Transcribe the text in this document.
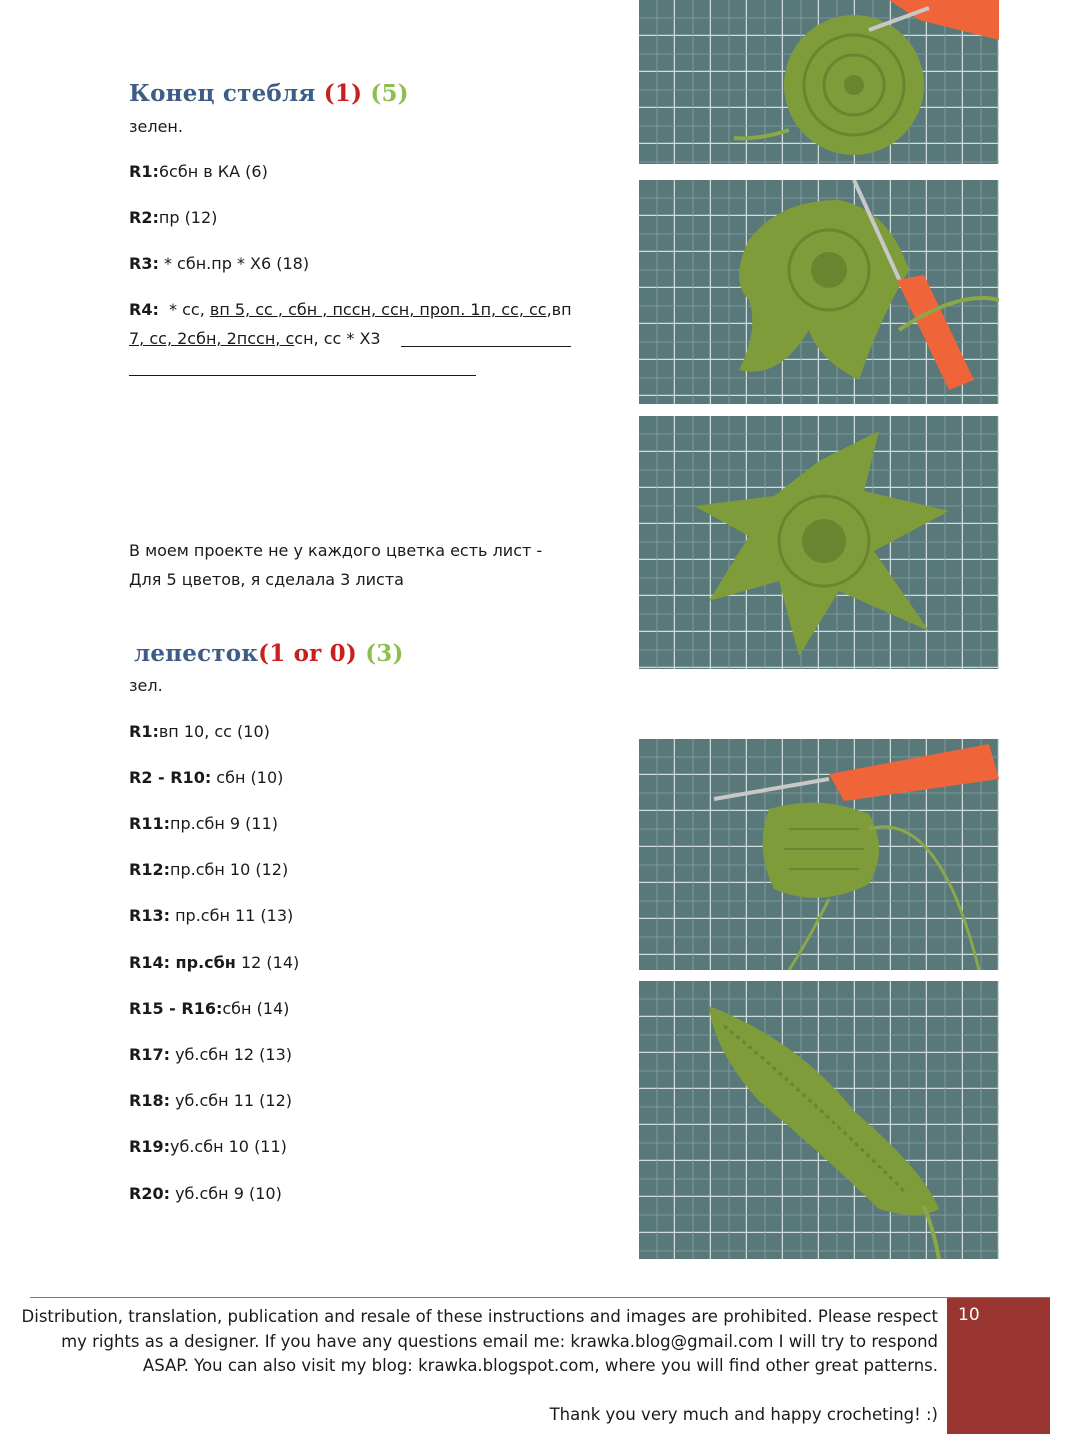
Конец стебля (1) (5)
зелен.
R1:6сбн в КА (6)
R2:пр (12)
R3: * сбн.пр * X6 (18)
R4:  * сс, вп 5, сс , сбн , пссн, ссн, проп. 1п, сс, сс,вп
7, сс, 2сбн, 2пссн, ссн, сс * X3
В моем проекте не у каждого цветка есть лист -
Для 5 цветов, я сделала 3 листа
лепесток(1 or 0) (3)
зел.
R1:вп 10, сс (10)
R2 - R10: сбн (10)
R11:пр.сбн 9 (11)
R12:пр.сбн 10 (12)
R13: пр.сбн 11 (13)
R14: пр.сбн 12 (14)
R15 - R16:сбн (14)
R17: уб.сбн 12 (13)
R18: уб.сбн 11 (12)
R19:уб.сбн 10 (11)
R20: уб.сбн 9 (10)
Distribution, translation, publication and resale of these instructions and images are prohibited. Please respect my rights as a designer. If you have any questions email me: krawka.blog@gmail.com I will try to respond ASAP. You can also visit my blog: krawka.blogspot.com, where you will find other great patterns.
Thank you very much and happy crocheting! :)
10
